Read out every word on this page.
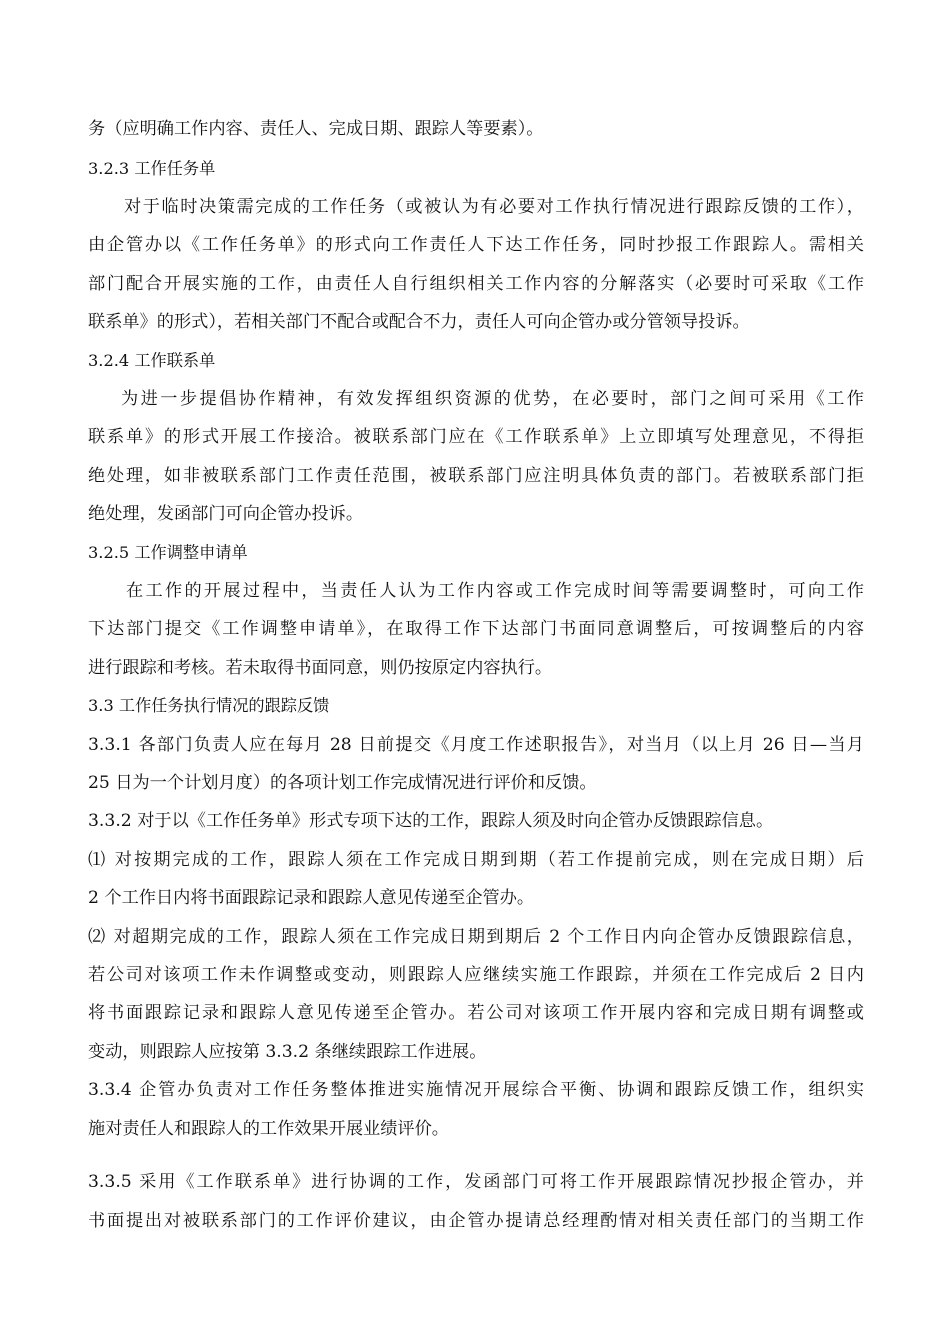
务（应明确工作内容、责任人、完成日期、跟踪人等要素）。
3.2.3 工作任务单
对于临时决策需完成的工作任务（或被认为有必要对工作执行情况进行跟踪反馈的工作），
由企管办以《工作任务单》的形式向工作责任人下达工作任务，同时抄报工作跟踪人。需相关
部门配合开展实施的工作，由责任人自行组织相关工作内容的分解落实（必要时可采取《工作
联系单》的形式），若相关部门不配合或配合不力，责任人可向企管办或分管领导投诉。
3.2.4 工作联系单
为进一步提倡协作精神，有效发挥组织资源的优势，在必要时，部门之间可采用《工作
联系单》的形式开展工作接洽。被联系部门应在《工作联系单》上立即填写处理意见，不得拒
绝处理，如非被联系部门工作责任范围，被联系部门应注明具体负责的部门。若被联系部门拒
绝处理，发函部门可向企管办投诉。
3.2.5 工作调整申请单
在工作的开展过程中，当责任人认为工作内容或工作完成时间等需要调整时，可向工作
下达部门提交《工作调整申请单》，在取得工作下达部门书面同意调整后，可按调整后的内容
进行跟踪和考核。若未取得书面同意，则仍按原定内容执行。
3.3 工作任务执行情况的跟踪反馈
3.3.1 各部门负责人应在每月 28 日前提交《月度工作述职报告》，对当月（以上月 26 日—当月
25 日为一个计划月度）的各项计划工作完成情况进行评价和反馈。
3.3.2 对于以《工作任务单》形式专项下达的工作，跟踪人须及时向企管办反馈跟踪信息。
⑴ 对按期完成的工作，跟踪人须在工作完成日期到期（若工作提前完成，则在完成日期）后
2 个工作日内将书面跟踪记录和跟踪人意见传递至企管办。
⑵ 对超期完成的工作，跟踪人须在工作完成日期到期后 2 个工作日内向企管办反馈跟踪信息，
若公司对该项工作未作调整或变动，则跟踪人应继续实施工作跟踪，并须在工作完成后 2 日内
将书面跟踪记录和跟踪人意见传递至企管办。若公司对该项工作开展内容和完成日期有调整或
变动，则跟踪人应按第 3.3.2 条继续跟踪工作进展。
3.3.4 企管办负责对工作任务整体推进实施情况开展综合平衡、协调和跟踪反馈工作，组织实
施对责任人和跟踪人的工作效果开展业绩评价。
3.3.5 采用《工作联系单》进行协调的工作，发函部门可将工作开展跟踪情况抄报企管办，并
书面提出对被联系部门的工作评价建议，由企管办提请总经理酌情对相关责任部门的当期工作
